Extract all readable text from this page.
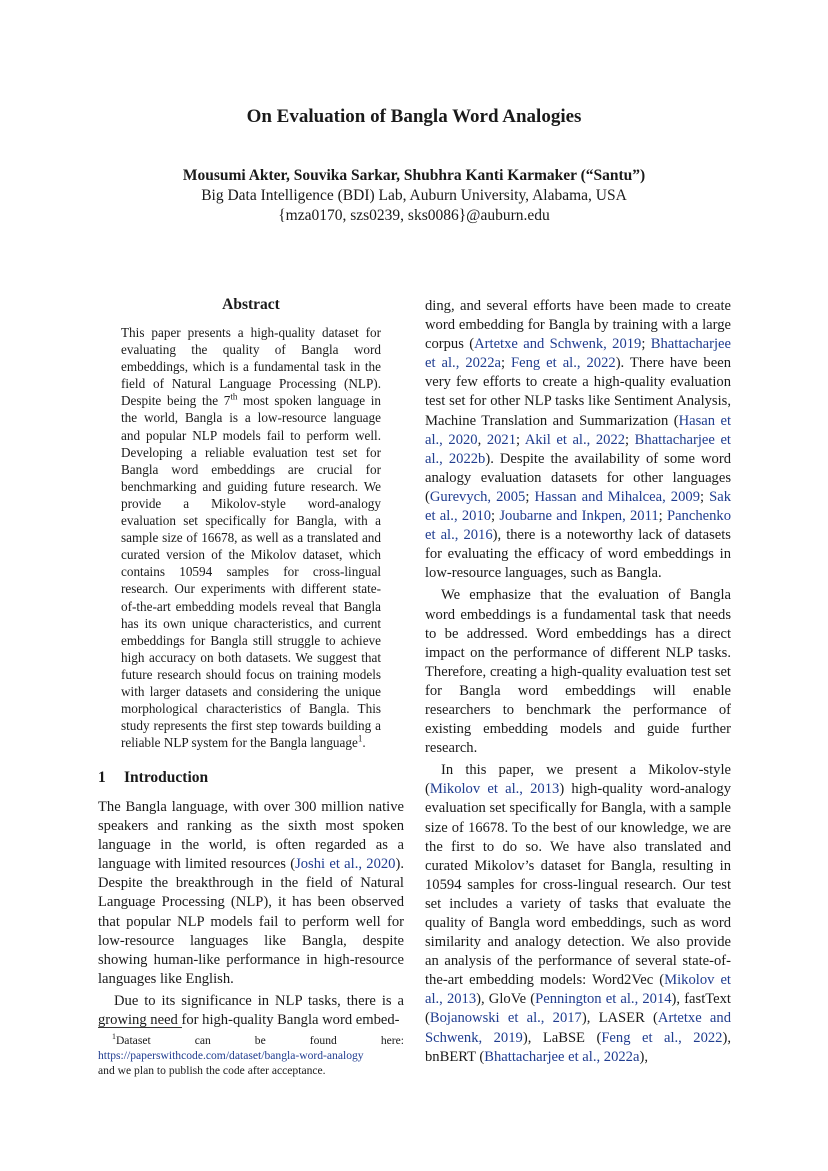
On Evaluation of Bangla Word Analogies
Mousumi Akter, Souvika Sarkar, Shubhra Kanti Karmaker (“Santu”)
Big Data Intelligence (BDI) Lab, Auburn University, Alabama, USA
{mza0170, szs0239, sks0086}@auburn.edu
Abstract
This paper presents a high-quality dataset for evaluating the quality of Bangla word embeddings, which is a fundamental task in the field of Natural Language Processing (NLP). Despite being the 7th most spoken language in the world, Bangla is a low-resource language and popular NLP models fail to perform well. Developing a reliable evaluation test set for Bangla word embeddings are crucial for benchmarking and guiding future research. We provide a Mikolov-style word-analogy evaluation set specifically for Bangla, with a sample size of 16678, as well as a translated and curated version of the Mikolov dataset, which contains 10594 samples for cross-lingual research. Our experiments with different state-of-the-art embedding models reveal that Bangla has its own unique characteristics, and current embeddings for Bangla still struggle to achieve high accuracy on both datasets. We suggest that future research should focus on training models with larger datasets and considering the unique morphological characteristics of Bangla. This study represents the first step towards building a reliable NLP system for the Bangla language$^1$.
1 Introduction

The Bangla language, with over 300 million native speakers and ranking as the sixth most spoken language in the world, is often regarded as a language with limited resources (Joshi et al., 2020). Despite the breakthrough in the field of Natural Language Processing (NLP), it has been observed that popular NLP models fail to perform well for low-resource languages like Bangla, despite showing human-like performance in high-resource languages like English.

Due to its significance in NLP tasks, there is a growing need for high-quality Bangla word embed-

$^1$Dataset	can	be	found	here:
https://paperswithcode.com/dataset/bangla-word-analogy
and we plan to publish the code after acceptance.

ding, and several efforts have been made to create word embedding for Bangla by training with a large corpus (Artetxe and Schwenk, 2019; Bhattacharjee et al., 2022a; Feng et al., 2022). There have been very few efforts to create a high-quality evaluation test set for other NLP tasks like Sentiment Analysis, Machine Translation and Summarization (Hasan et al., 2020, 2021; Akil et al., 2022; Bhattacharjee et al., 2022b). Despite the availability of some word analogy evaluation datasets for other languages (Gurevych, 2005; Hassan and Mihalcea, 2009; Sak et al., 2010; Joubarne and Inkpen, 2011; Panchenko et al., 2016), there is a noteworthy lack of datasets for evaluating the efficacy of word embeddings in low-resource languages, such as Bangla.

We emphasize that the evaluation of Bangla word embeddings is a fundamental task that needs to be addressed. Word embeddings has a direct impact on the performance of different NLP tasks. Therefore, creating a high-quality evaluation test set for Bangla word embeddings will enable researchers to benchmark the performance of existing embedding models and guide further research.

In this paper, we present a Mikolov-style (Mikolov et al., 2013) high-quality word-analogy evaluation set specifically for Bangla, with a sample size of 16678. To the best of our knowledge, we are the first to do so. We have also translated and curated Mikolov’s dataset for Bangla, resulting in 10594 samples for cross-lingual research. Our test set includes a variety of tasks that evaluate the quality of Bangla word embeddings, such as word similarity and analogy detection. We also provide an analysis of the performance of several state-of-the-art embedding models: Word2Vec (Mikolov et al., 2013), GloVe (Pennington et al., 2014), fastText (Bojanowski et al., 2017), LASER (Artetxe and Schwenk, 2019), LaBSE (Feng et al., 2022), bnBERT (Bhattacharjee et al., 2022a),
